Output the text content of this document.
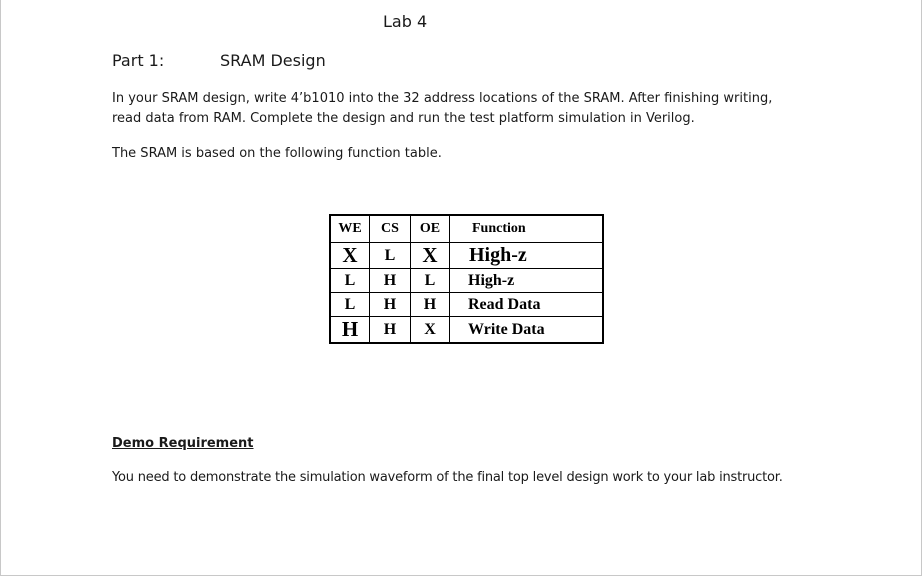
Lab 4
Part 1:	SRAM Design

In your SRAM design, write 4’b1010 into the 32 address locations of the SRAM. After finishing writing,
read data from RAM. Complete the design and run the test platform simulation in Verilog.

The SRAM is based on the following function table.

WE	CS	OE	Function
X	L	X	High-z
L	H	L	High-z
L	H	H	Read Data
H	H	X	Write Data
Demo Requirement
You need to demonstrate the simulation waveform of the final top level design work to your lab instructor.
